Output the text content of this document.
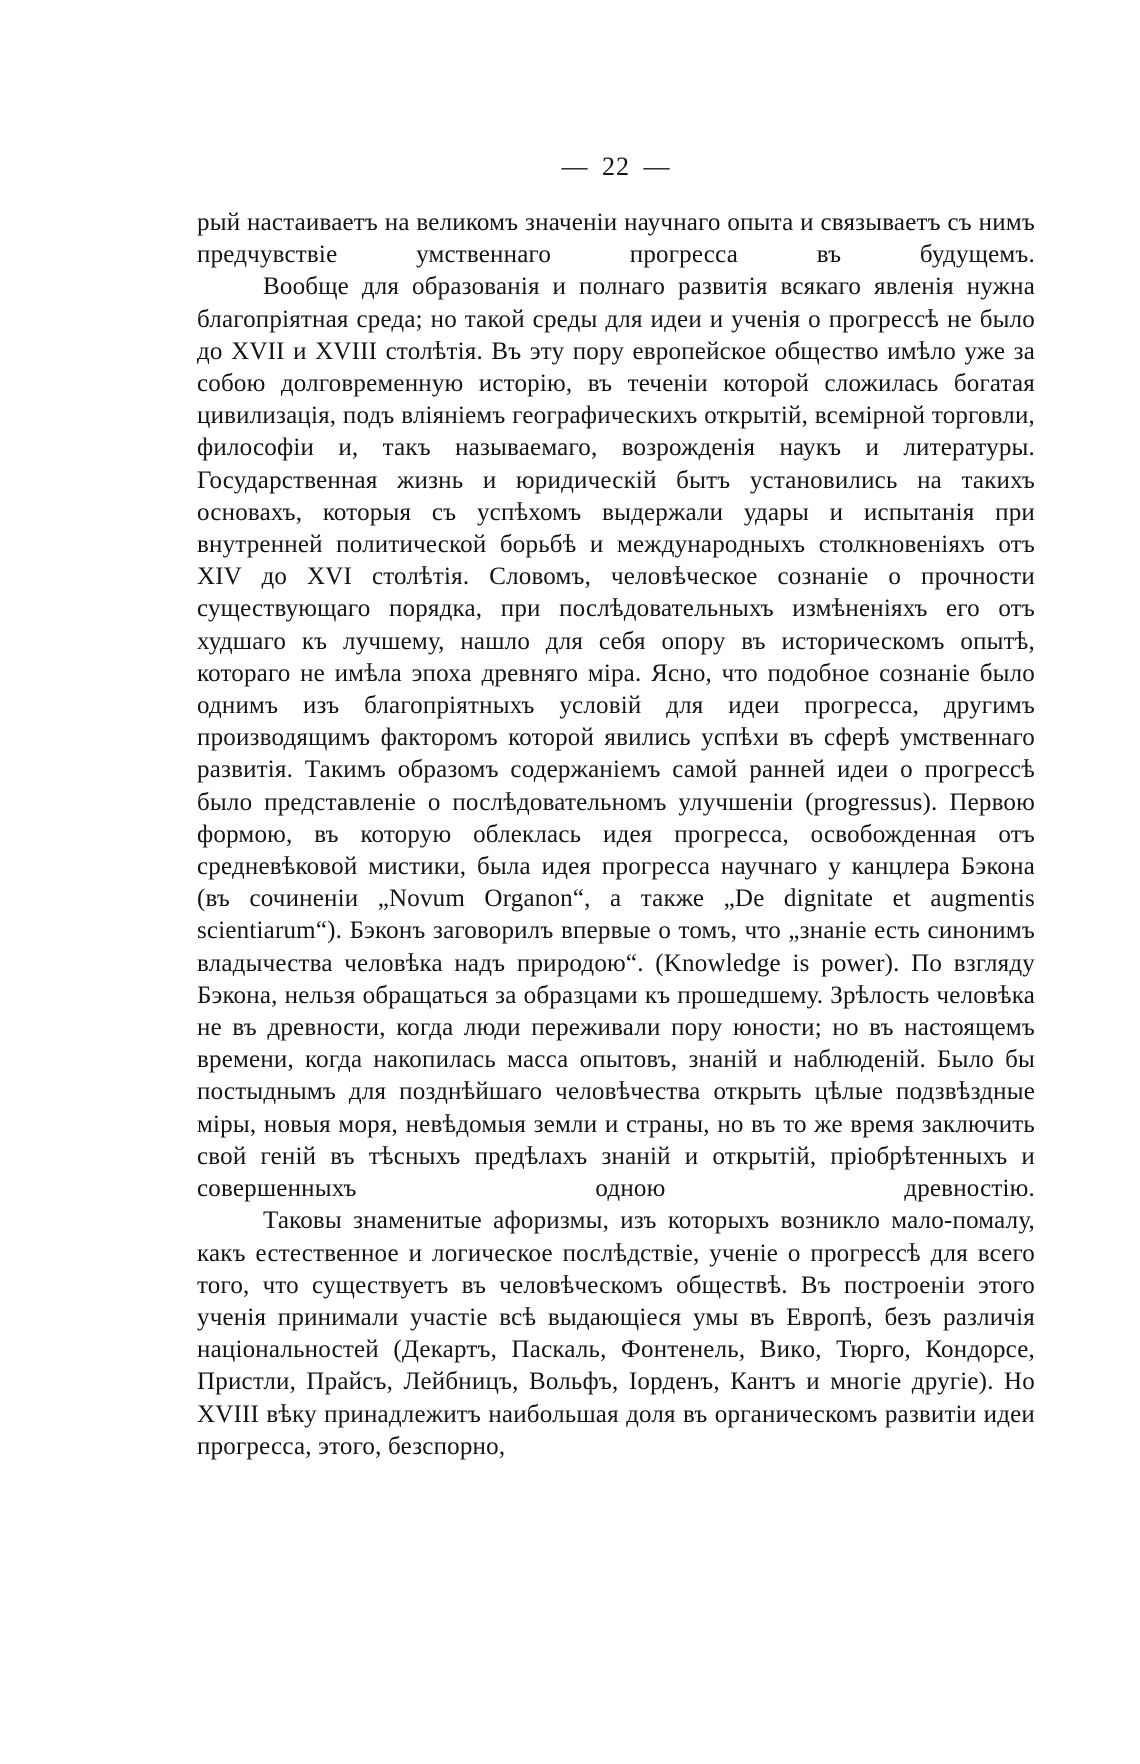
— 22 —

рый настаиваетъ на великомъ значеніи научнаго опыта и связываетъ съ нимъ предчувствіе умственнаго прогресса въ будущемъ.

Вообще для образованія и полнаго развитія всякаго явленія нужна благопріятная среда; но такой среды для идеи и ученія о прогрессѣ не было до XVII и XVIII столѣтія. Въ эту пору европейское общество имѣло уже за собою долговременную исторію, въ теченіи которой сложилась богатая цивилизація, подъ вліяніемъ географическихъ открытій, всемірной торговли, философіи и, такъ называемаго, возрожденія наукъ и литературы. Государственная жизнь и юридическій бытъ установились на такихъ основахъ, которыя съ успѣхомъ выдержали удары и испытанія при внутренней политической борьбѣ и международныхъ столкновеніяхъ отъ XIV до XVI столѣтія. Словомъ, человѣческое сознаніе о прочности существующаго порядка, при послѣдовательныхъ измѣненіяхъ его отъ худшаго къ лучшему, нашло для себя опору въ историческомъ опытѣ, котораго не имѣла эпоха древняго міра. Ясно, что подобное сознаніе было однимъ изъ благопріятныхъ условій для идеи прогресса, другимъ производящимъ факторомъ которой явились успѣхи въ сферѣ умственнаго развитія. Такимъ образомъ содержаніемъ самой ранней идеи о прогрессѣ было представленіе о послѣдовательномъ улучшеніи (progressus). Первою формою, въ которую облеклась идея прогресса, освобожденная отъ средневѣковой мистики, была идея прогресса научнаго у канцлера Бэкона (въ сочиненіи „Novum Organon“, а также „De dignitate et augmentis scientiarum“). Бэконъ заговорилъ впервые о томъ, что „знаніе есть синонимъ владычества человѣка надъ природою“. (Knowledge is power). По взгляду Бэкона, нельзя обращаться за образцами къ прошедшему. Зрѣлость человѣка не въ древности, когда люди переживали пору юности; но въ настоящемъ времени, когда накопилась масса опытовъ, знаній и наблюденій. Было бы постыднымъ для позднѣйшаго человѣчества открыть цѣлые подзвѣздные міры, новыя моря, невѣдомыя земли и страны, но въ то же время заключить свой геній въ тѣсныхъ предѣлахъ знаній и открытій, пріобрѣтенныхъ и совершенныхъ одною древностію.

Таковы знаменитые афоризмы, изъ которыхъ возникло мало-помалу, какъ естественное и логическое послѣдствіе, ученіе о прогрессѣ для всего того, что существуетъ въ человѣческомъ обществѣ. Въ построеніи этого ученія принимали участіе всѣ выдающіеся умы въ Европѣ, безъ различія національностей (Декартъ, Паскаль, Фонтенель, Викo, Тюрго, Кондорсе, Пристли, Прайсъ, Лейбницъ, Вольфъ, Іорденъ, Кантъ и многіе другіе). Но XVIII вѣку принадлежитъ наибольшая доля въ органическомъ развитіи идеи прогресса, этого, безспорно,
